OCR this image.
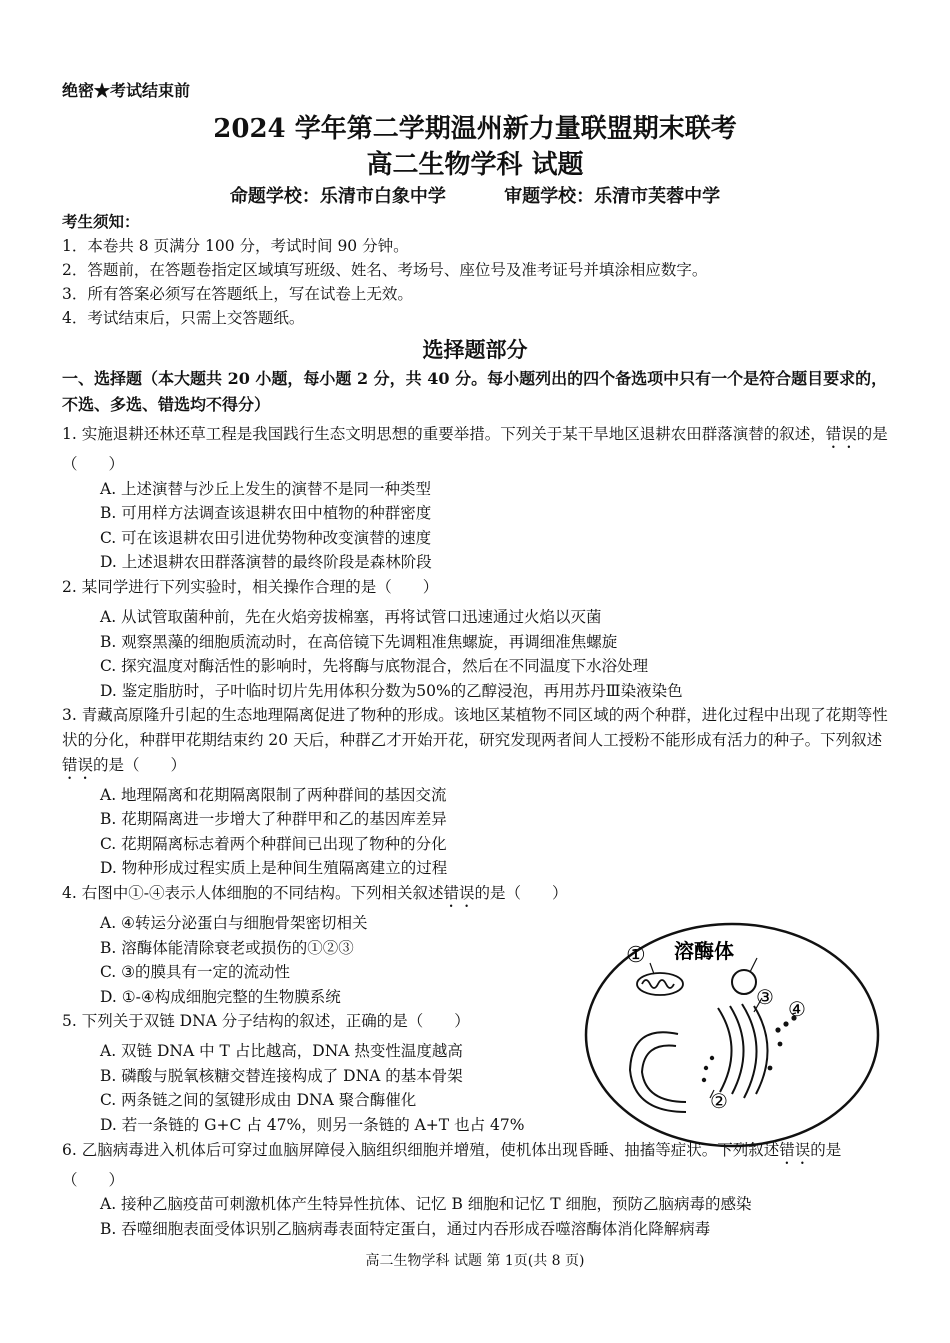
绝密★考试结束前
2024 学年第二学期温州新力量联盟期末联考
高二生物学科 试题
命题学校：乐清市白象中学	审题学校：乐清市芙蓉中学
考生须知：
1．本卷共 8 页满分 100 分，考试时间 90 分钟。
2．答题前，在答题卷指定区域填写班级、姓名、考场号、座位号及准考证号并填涂相应数字。
3．所有答案必须写在答题纸上，写在试卷上无效。
4．考试结束后，只需上交答题纸。
选择题部分
一、选择题（本大题共 20 小题，每小题 2 分，共 40 分。每小题列出的四个备选项中只有一个是符合题目要求的，不选、多选、错选均不得分）

1. 实施退耕还林还草工程是我国践行生态文明思想的重要举措。下列关于某干旱地区退耕农田群落演替的叙述，错误的是（　　）

A. 上述演替与沙丘上发生的演替不是同一种类型

B. 可用样方法调查该退耕农田中植物的种群密度

C. 可在该退耕农田引进优势物种改变演替的速度

D. 上述退耕农田群落演替的最终阶段是森林阶段

2. 某同学进行下列实验时，相关操作合理的是（　　）

A. 从试管取菌种前，先在火焰旁拔棉塞，再将试管口迅速通过火焰以灭菌

B. 观察黑藻的细胞质流动时，在高倍镜下先调粗准焦螺旋，再调细准焦螺旋

C. 探究温度对酶活性的影响时，先将酶与底物混合，然后在不同温度下水浴处理

D. 鉴定脂肪时，子叶临时切片先用体积分数为50%的乙醇浸泡，再用苏丹Ⅲ染液染色

3. 青藏高原隆升引起的生态地理隔离促进了物种的形成。该地区某植物不同区域的两个种群，进化过程中出现了花期等性状的分化，种群甲花期结束约 20 天后，种群乙才开始开花，研究发现两者间人工授粉不能形成有活力的种子。下列叙述错误的是（　　）

A. 地理隔离和花期隔离限制了两种群间的基因交流

B. 花期隔离进一步增大了种群甲和乙的基因库差异

C. 花期隔离标志着两个种群间已出现了物种的分化

D. 物种形成过程实质上是种间生殖隔离建立的过程

4. 右图中①-④表示人体细胞的不同结构。下列相关叙述错误的是（　　）

A. ④转运分泌蛋白与细胞骨架密切相关

B. 溶酶体能清除衰老或损伤的①②③

C. ③的膜具有一定的流动性

D. ①-④构成细胞完整的生物膜系统

5. 下列关于双链 DNA 分子结构的叙述，正确的是（　　）

A. 双链 DNA 中 T 占比越高，DNA 热变性温度越高

B. 磷酸与脱氧核糖交替连接构成了 DNA 的基本骨架

C. 两条链之间的氢键形成由 DNA 聚合酶催化

D. 若一条链的 G+C 占 47%，则另一条链的 A+T 也占 47%

6. 乙脑病毒进入机体后可穿过血脑屏障侵入脑组织细胞并增殖，使机体出现昏睡、抽搐等症状。下列叙述错误的是（　　）

A. 接种乙脑疫苗可刺激机体产生特异性抗体、记忆 B 细胞和记忆 T 细胞，预防乙脑病毒的感染

B. 吞噬细胞表面受体识别乙脑病毒表面特定蛋白，通过内吞形成吞噬溶酶体消化降解病毒

① 溶酶体
③ ④
②
高二生物学科 试题 第 1页(共 8 页)
